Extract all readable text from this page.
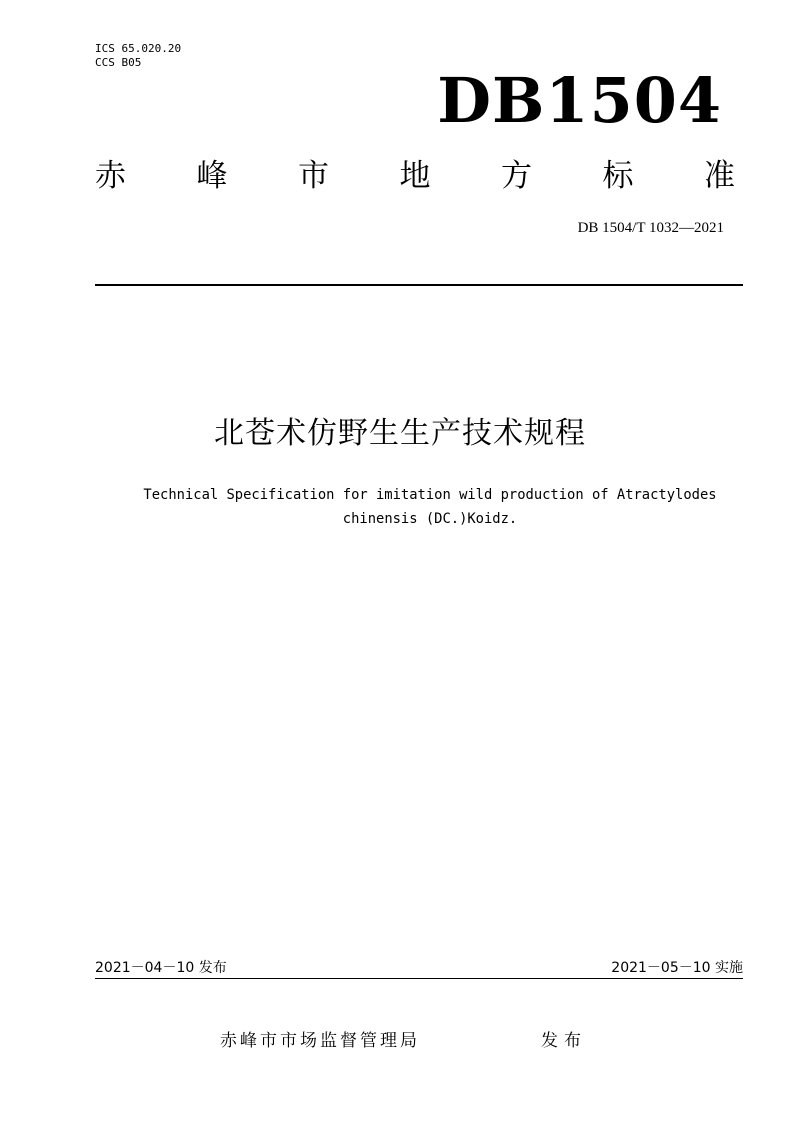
ICS 65.020.20
CCS B05
DB1504
赤 峰 市 地 方 标 准
DB 1504/T 1032—2021
北苍术仿野生生产技术规程
Technical Specification for imitation wild production of Atractylodes
chinensis (DC.)Koidz.
2021－04－10 发布	2021－05－10 实施
赤峰市市场监督管理局	发布
